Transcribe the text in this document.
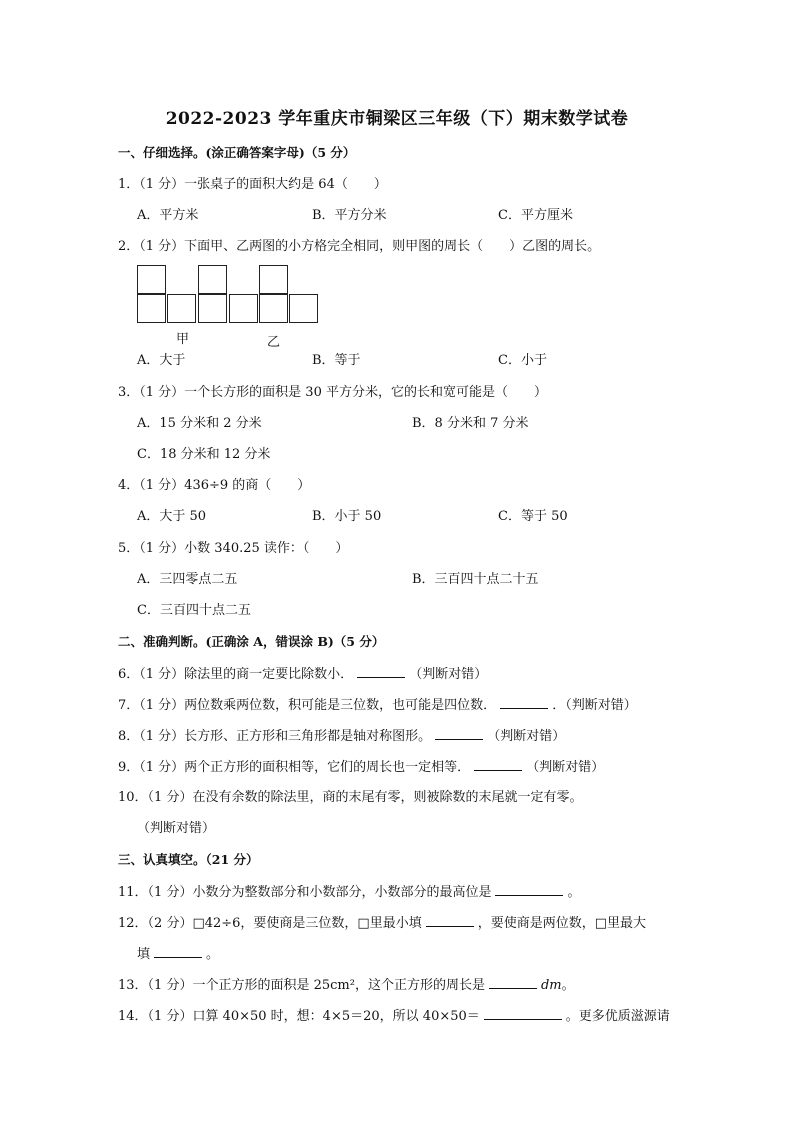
2022-2023 学年重庆市铜梁区三年级（下）期末数学试卷
一、仔细选择。(涂正确答案字母)（5 分）
1．（1 分）一张桌子的面积大约是 64（　　）
A．平方米	B．平方分米	C．平方厘米
2．（1 分）下面甲、乙两图的小方格完全相同，则甲图的周长（　　）乙图的周长。
甲	乙
A．大于	B．等于	C．小于
3．（1 分）一个长方形的面积是 30 平方分米，它的长和宽可能是（　　）
A．15 分米和 2 分米	B．8 分米和 7 分米
C．18 分米和 12 分米
4．（1 分）436÷9 的商（　　）
A．大于 50	B．小于 50	C．等于 50
5．（1 分）小数 340.25 读作：（　　）
A．三四零点二五	B．三百四十点二十五
C．三百四十点二五
二、准确判断。(正确涂 A，错误涂 B)（5 分）
6．（1 分）除法里的商一定要比除数小．	（判断对错）
7．（1 分）两位数乘两位数，积可能是三位数，也可能是四位数．	．（判断对错）
8．（1 分）长方形、正方形和三角形都是轴对称图形。	（判断对错）
9．（1 分）两个正方形的面积相等，它们的周长也一定相等．	（判断对错）
10．（1 分）在没有余数的除法里，商的末尾有零，则被除数的末尾就一定有零。
（判断对错）
三、认真填空。（21 分）
11．（1 分）小数分为整数部分和小数部分，小数部分的最高位是	。
12．（2 分）□42÷6，要使商是三位数，□里最小填	，要使商是两位数，□里最大
填	。
13．（1 分）一个正方形的面积是 25cm²，这个正方形的周长是	dm。
14．（1 分）口算 40×50 时，想：4×5＝20，所以 40×50＝	。更多优质滋源请
